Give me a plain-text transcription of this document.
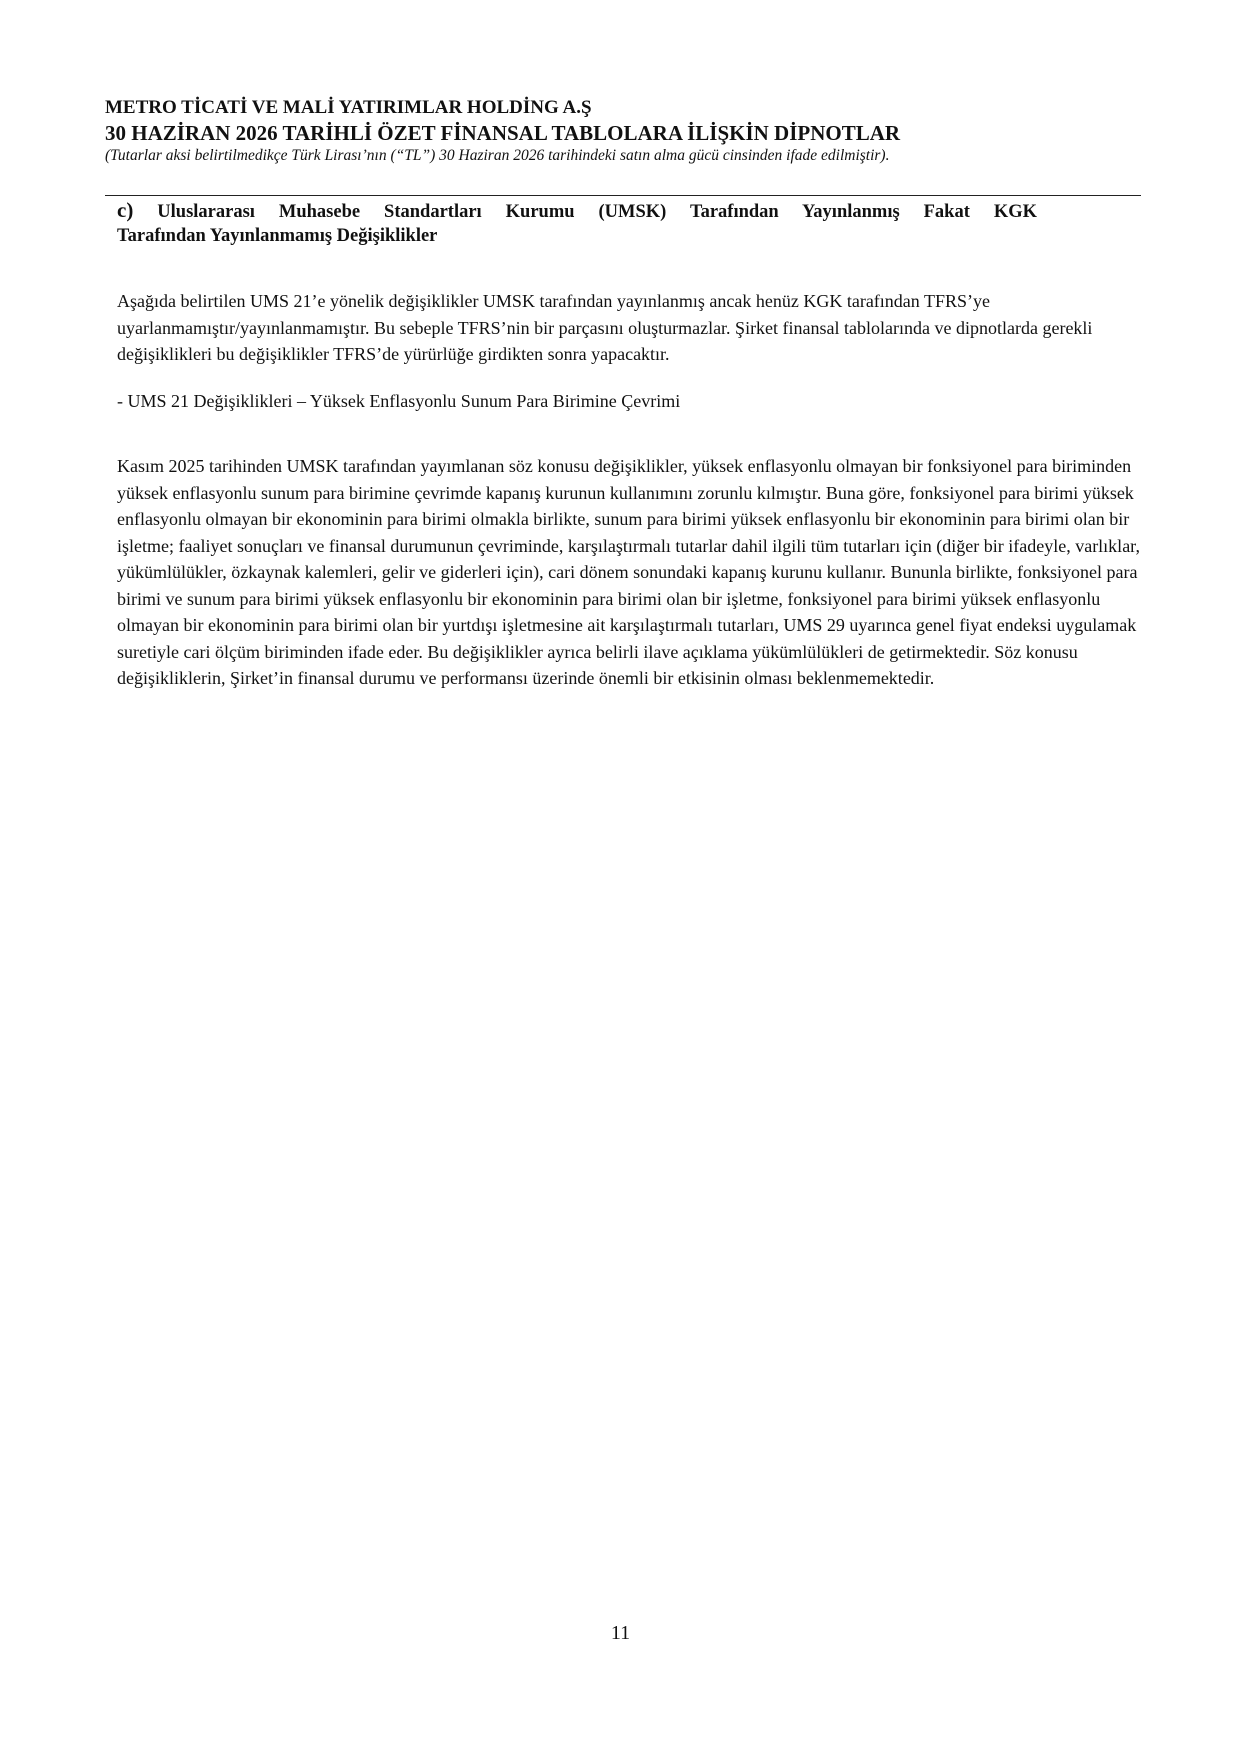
METRO TİCATİ VE MALİ YATIRIMLAR HOLDİNG A.Ş

30 HAZİRAN 2026 TARİHLİ ÖZET FİNANSAL TABLOLARA İLİŞKİN DİPNOTLAR

(Tutarlar aksi belirtilmedikçe Türk Lirası’nın (“TL”) 30 Haziran 2026 tarihindeki satın alma gücü cinsinden ifade edilmiştir).

c) Uluslararası Muhasebe Standartları Kurumu (UMSK) Tarafından Yayınlanmış Fakat KGK
Tarafından Yayınlanmamış Değişiklikler

Aşağıda belirtilen UMS 21’e yönelik değişiklikler UMSK tarafından yayınlanmış ancak henüz KGK tarafından TFRS’ye uyarlanmamıştır/yayınlanmamıştır. Bu sebeple TFRS’nin bir parçasını oluşturmazlar. Şirket finansal tablolarında ve dipnotlarda gerekli değişiklikleri bu değişiklikler TFRS’de yürürlüğe girdikten sonra yapacaktır.

- UMS 21 Değişiklikleri – Yüksek Enflasyonlu Sunum Para Birimine Çevrimi

Kasım 2025 tarihinden UMSK tarafından yayımlanan söz konusu değişiklikler, yüksek enflasyonlu olmayan bir fonksiyonel para biriminden yüksek enflasyonlu sunum para birimine çevrimde kapanış kurunun kullanımını zorunlu kılmıştır. Buna göre, fonksiyonel para birimi yüksek enflasyonlu olmayan bir ekonominin para birimi olmakla birlikte, sunum para birimi yüksek enflasyonlu bir ekonominin para birimi olan bir işletme; faaliyet sonuçları ve finansal durumunun çevriminde, karşılaştırmalı tutarlar dahil ilgili tüm tutarları için (diğer bir ifadeyle, varlıklar, yükümlülükler, özkaynak kalemleri, gelir ve giderleri için), cari dönem sonundaki kapanış kurunu kullanır. Bununla birlikte, fonksiyonel para birimi ve sunum para birimi yüksek enflasyonlu bir ekonominin para birimi olan bir işletme, fonksiyonel para birimi yüksek enflasyonlu olmayan bir ekonominin para birimi olan bir yurtdışı işletmesine ait karşılaştırmalı tutarları, UMS 29 uyarınca genel fiyat endeksi uygulamak suretiyle cari ölçüm biriminden ifade eder. Bu değişiklikler ayrıca belirli ilave açıklama yükümlülükleri de getirmektedir. Söz konusu değişikliklerin, Şirket’in finansal durumu ve performansı üzerinde önemli bir etkisinin olması beklenmemektedir.

11
